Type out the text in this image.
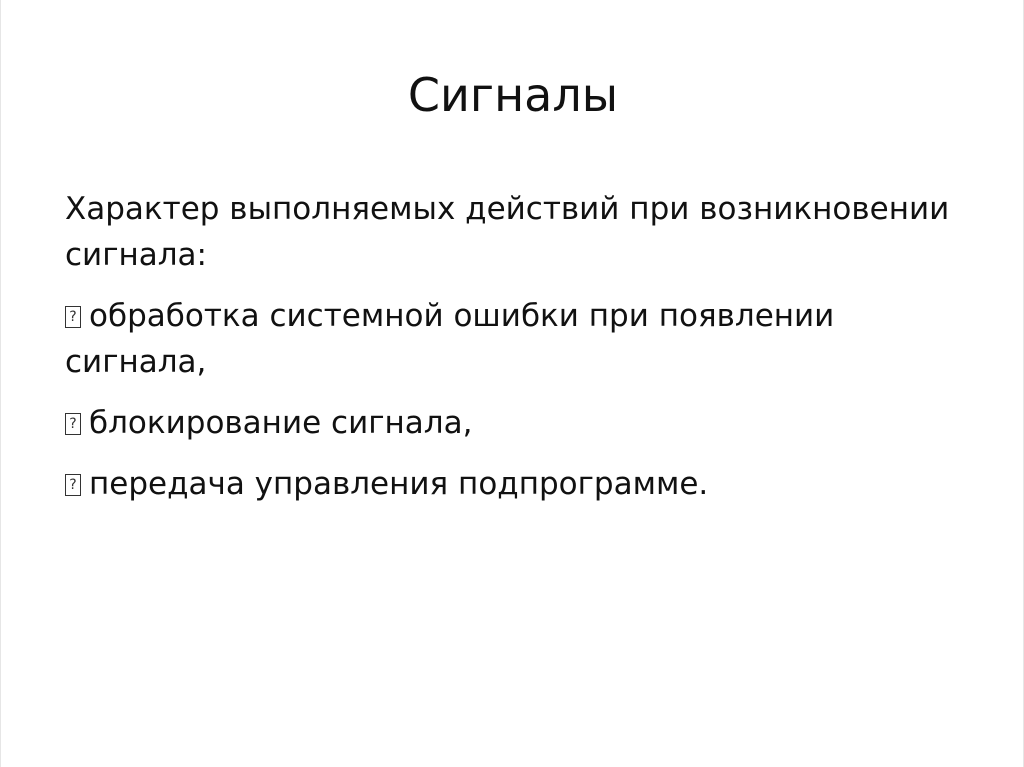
Сигналы

Характер выполняемых действий при возникновении сигнала:

?обработка системной ошибки при появлении сигнала,

?блокирование сигнала,

?передача управления подпрограмме.
